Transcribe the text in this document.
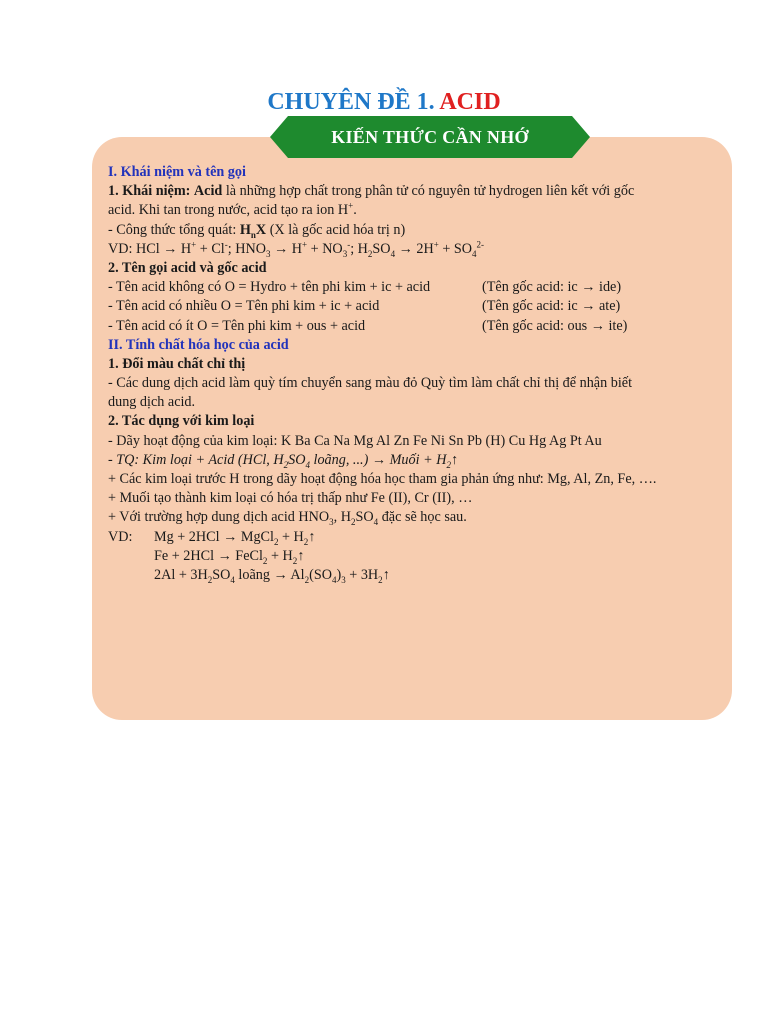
CHUYÊN ĐỀ 1. ACID
KIẾN THỨC CẦN NHỚ
I. Khái niệm và tên gọi
1. Khái niệm: Acid là những hợp chất trong phân tử có nguyên tử hydrogen liên kết với gốc
acid. Khi tan trong nước, acid tạo ra ion H+.
- Công thức tổng quát: $H_nX$ (X là gốc acid hóa trị n)
VD: HCl → H+ + Cl-; $HNO_3 \to H^+ + NO_3^-$; $H_2SO_4 \to 2H^+ + SO_4^{2-}$
2. Tên gọi acid và gốc acid
- Tên acid không có O = Hydro + tên phi kim + ic + acid	(Tên gốc acid: ic → ide)
- Tên acid có nhiều O = Tên phi kim + ic + acid	(Tên gốc acid: ic → ate)
- Tên acid có ít O = Tên phi kim + ous + acid	(Tên gốc acid: ous → ite)
II. Tính chất hóa học của acid
1. Đổi màu chất chỉ thị
- Các dung dịch acid làm quỳ tím chuyển sang màu đỏ Quỳ tìm làm chất chỉ thị để nhận biết
dung dịch acid.
2. Tác dụng với kim loại
- Dãy hoạt động của kim loại: K Ba Ca Na Mg Al Zn Fe Ni Sn Pb (H) Cu Hg Ag Pt Au
- TQ: Kim loại + Acid (HCl, $H_2SO_4$ loãng, ...) → Muối + $H_2↑$
+ Các kim loại trước H trong dãy hoạt động hóa học tham gia phản ứng như: Mg, Al, Zn, Fe, ….
+ Muối tạo thành kim loại có hóa trị thấp như Fe (II), Cr (II), …
+ Với trường hợp dung dịch acid $HNO_3$, $H_2SO_4$ đặc sẽ học sau.
VD: Mg + 2HCl → MgCl$_2$ + $H_2↑$
Fe + 2HCl → FeCl$_2$ + $H_2↑$
$2Al + 3H_2SO_4$ loãng → $Al_2(SO_4)_3$ + $3H_2↑$
